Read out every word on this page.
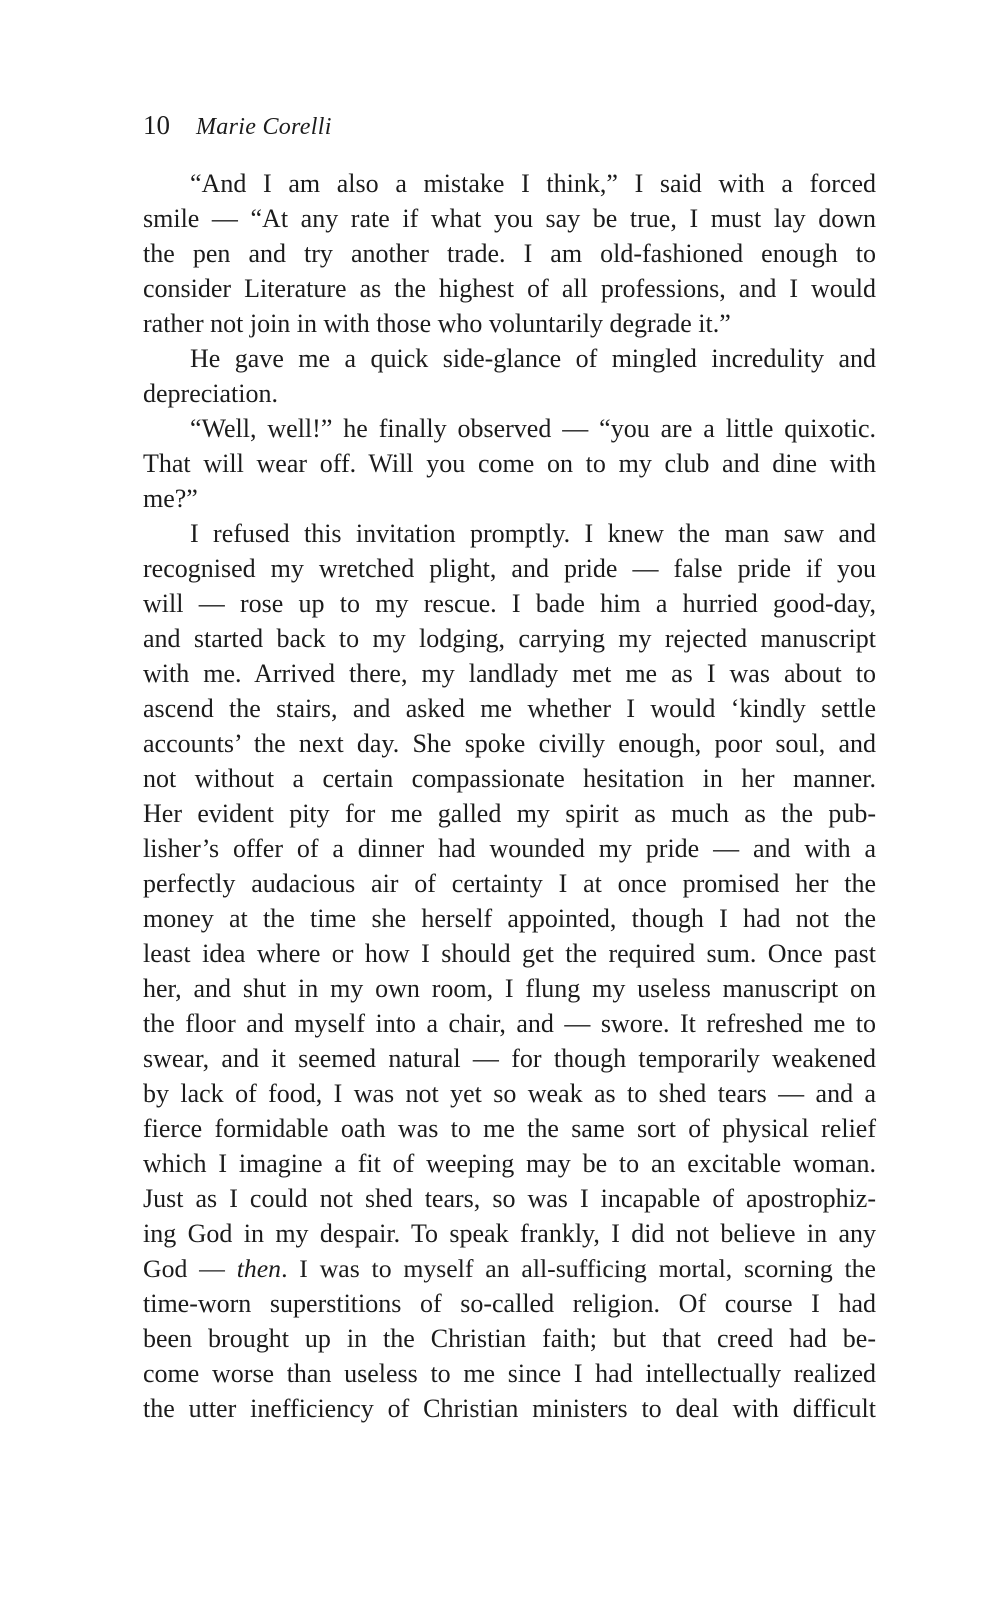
10 Marie Corelli
“And I am also a mistake I think,” I said with a forced
smile — “At any rate if what you say be true, I must lay down
the pen and try another trade. I am old-fashioned enough to
consider Literature as the highest of all professions, and I would
rather not join in with those who voluntarily degrade it.”
He gave me a quick side-glance of mingled incredulity and
depreciation.
“Well, well!” he finally observed — “you are a little quixotic.
That will wear off. Will you come on to my club and dine with
me?”
I refused this invitation promptly. I knew the man saw and
recognised my wretched plight, and pride — false pride if you
will — rose up to my rescue. I bade him a hurried good-day,
and started back to my lodging, carrying my rejected manuscript
with me. Arrived there, my landlady met me as I was about to
ascend the stairs, and asked me whether I would ‘kindly settle
accounts’ the next day. She spoke civilly enough, poor soul, and
not without a certain compassionate hesitation in her manner.
Her evident pity for me galled my spirit as much as the pub-
lisher’s offer of a dinner had wounded my pride — and with a
perfectly audacious air of certainty I at once promised her the
money at the time she herself appointed, though I had not the
least idea where or how I should get the required sum. Once past
her, and shut in my own room, I flung my useless manuscript on
the floor and myself into a chair, and — swore. It refreshed me to
swear, and it seemed natural — for though temporarily weakened
by lack of food, I was not yet so weak as to shed tears — and a
fierce formidable oath was to me the same sort of physical relief
which I imagine a fit of weeping may be to an excitable woman.
Just as I could not shed tears, so was I incapable of apostrophiz-
ing God in my despair. To speak frankly, I did not believe in any
God — then. I was to myself an all-sufficing mortal, scorning the
time-worn superstitions of so-called religion. Of course I had
been brought up in the Christian faith; but that creed had be-
come worse than useless to me since I had intellectually realized
the utter inefficiency of Christian ministers to deal with difficult
